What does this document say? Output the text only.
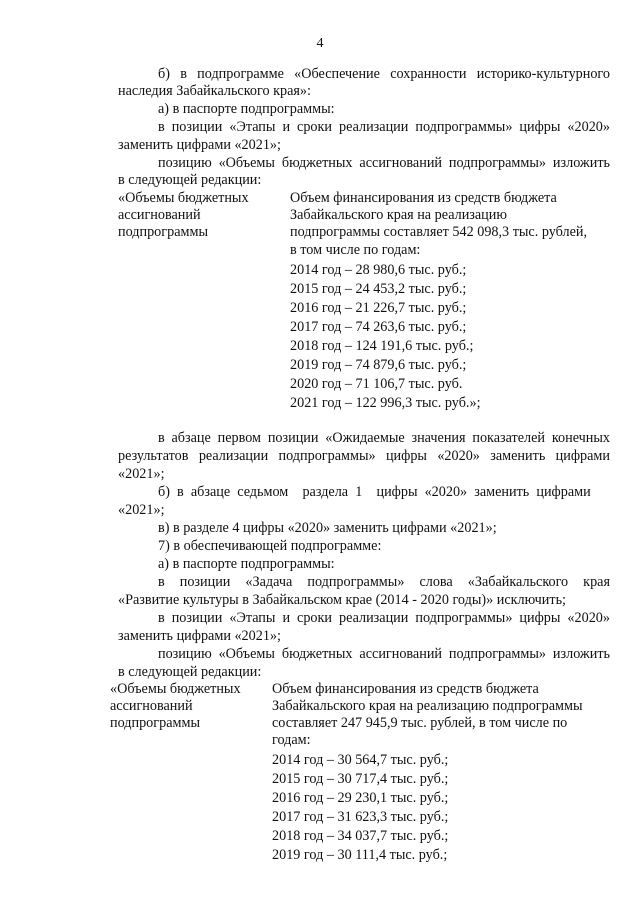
4
б) в подпрограмме «Обеспечение сохранности историко-культурного
наследия Забайкальского края»:
а) в паспорте подпрограммы:
в позиции «Этапы и сроки реализации подпрограммы» цифры «2020»
заменить цифрами «2021»;
позицию «Объемы бюджетных ассигнований подпрограммы» изложить
в следующей редакции:
«Объемы бюджетных
ассигнований
подпрограммы
Объем финансирования из средств бюджета
Забайкальского края на реализацию
подпрограммы составляет 542 098,3 тыс. рублей,
в том числе по годам:
2014 год – 28 980,6 тыс. руб.;
2015 год – 24 453,2 тыс. руб.;
2016 год – 21 226,7 тыс. руб.;
2017 год – 74 263,6 тыс. руб.;
2018 год – 124 191,6 тыс. руб.;
2019 год – 74 879,6 тыс. руб.;
2020 год – 71 106,7 тыс. руб.
2021 год – 122 996,3 тыс. руб.»;
в абзаце первом позиции «Ожидаемые значения показателей конечных
результатов реализации подпрограммы» цифры «2020» заменить цифрами
«2021»;
б)  в  абзаце  седьмом    раздела  1    цифры  «2020»  заменить  цифрами
«2021»;
в) в разделе 4 цифры «2020» заменить цифрами «2021»;
7) в обеспечивающей подпрограмме:
а) в паспорте подпрограммы:
в позиции «Задача подпрограммы» слова «Забайкальского края
«Развитие культуры в Забайкальском крае (2014 - 2020 годы)» исключить;
в позиции «Этапы и сроки реализации подпрограммы» цифры «2020»
заменить цифрами «2021»;
позицию «Объемы бюджетных ассигнований подпрограммы» изложить
в следующей редакции:
«Объемы бюджетных
ассигнований
подпрограммы
Объем финансирования из средств бюджета
Забайкальского края на реализацию подпрограммы
составляет 247 945,9 тыс. рублей, в том числе по
годам:
2014 год – 30 564,7 тыс. руб.;
2015 год – 30 717,4 тыс. руб.;
2016 год – 29 230,1 тыс. руб.;
2017 год – 31 623,3 тыс. руб.;
2018 год – 34 037,7 тыс. руб.;
2019 год – 30 111,4 тыс. руб.;
